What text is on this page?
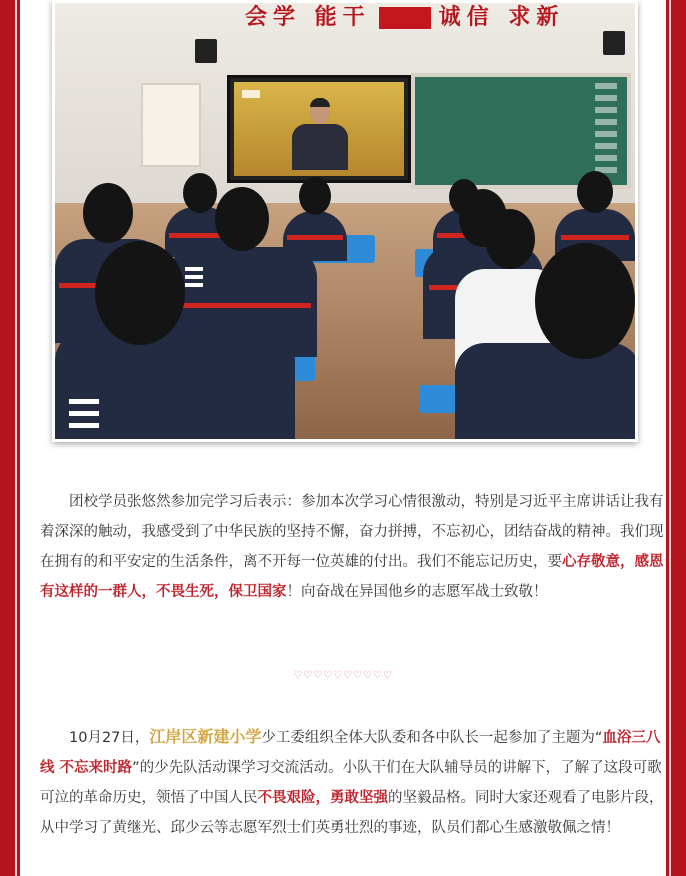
会学 能干	诚信 求新

团校学员张悠然参加完学习后表示：参加本次学习心情很激动，特别是习近平主席讲话让我有着深深的触动，我感受到了中华民族的坚持不懈，奋力拼搏，不忘初心，团结奋战的精神。我们现在拥有的和平安定的生活条件，离不开每一位英雄的付出。我们不能忘记历史，要心存敬意，感恩有这样的一群人，不畏生死，保卫国家！向奋战在异国他乡的志愿军战士致敬！

♡♡♡♡♡♡♡♡♡♡

10月27日，江岸区新建小学少工委组织全体大队委和各中队长一起参加了主题为“血浴三八线 不忘来时路”的少先队活动课学习交流活动。小队干们在大队辅导员的讲解下，了解了这段可歌可泣的革命历史，领悟了中国人民不畏艰险，勇敢坚强的坚毅品格。同时大家还观看了电影片段，从中学习了黄继光、邱少云等志愿军烈士们英勇壮烈的事迹，队员们都心生感激敬佩之情！
